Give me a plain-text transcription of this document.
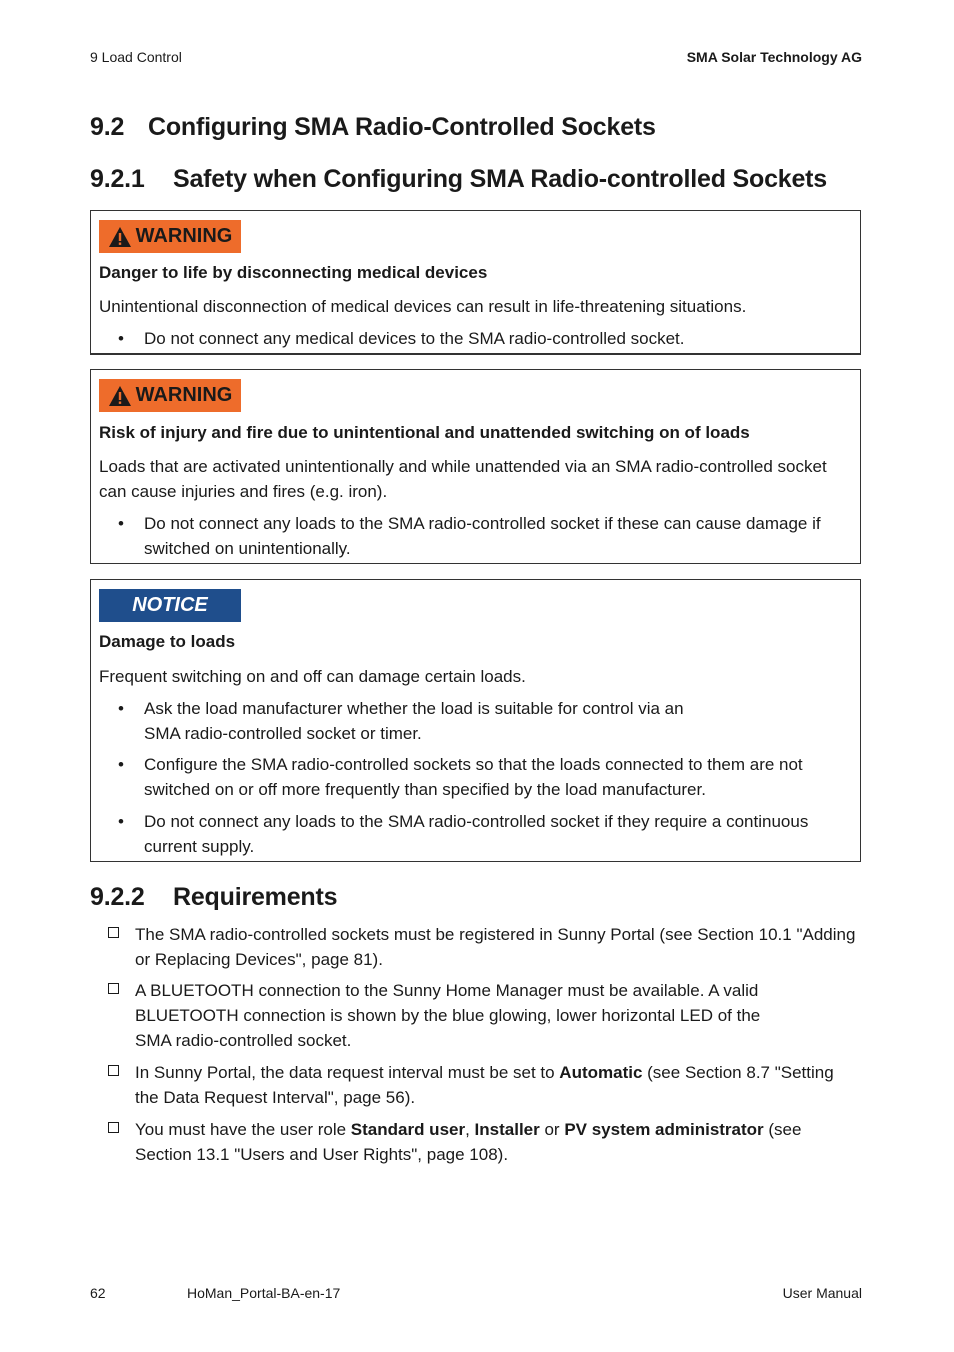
9 Load Control	SMA Solar Technology AG
9.2 Configuring SMA Radio-Controlled Sockets
9.2.1 Safety when Configuring SMA Radio-controlled Sockets
WARNING
Danger to life by disconnecting medical devices
Unintentional disconnection of medical devices can result in life-threatening situations.
• Do not connect any medical devices to the SMA radio-controlled socket.
WARNING
Risk of injury and fire due to unintentional and unattended switching on of loads
Loads that are activated unintentionally and while unattended via an SMA radio-controlled socket can cause injuries and fires (e.g. iron).
• Do not connect any loads to the SMA radio-controlled socket if these can cause damage if switched on unintentionally.
NOTICE
Damage to loads
Frequent switching on and off can damage certain loads.
• Ask the load manufacturer whether the load is suitable for control via an SMA radio-controlled socket or timer.
• Configure the SMA radio-controlled sockets so that the loads connected to them are not switched on or off more frequently than specified by the load manufacturer.
• Do not connect any loads to the SMA radio-controlled socket if they require a continuous current supply.
9.2.2 Requirements
The SMA radio-controlled sockets must be registered in Sunny Portal (see Section 10.1 "Adding or Replacing Devices", page 81).
A BLUETOOTH connection to the Sunny Home Manager must be available. A valid BLUETOOTH connection is shown by the blue glowing, lower horizontal LED of the SMA radio-controlled socket.
In Sunny Portal, the data request interval must be set to Automatic (see Section 8.7 "Setting the Data Request Interval", page 56).
You must have the user role Standard user, Installer or PV system administrator (see Section 13.1 "Users and User Rights", page 108).
62	HoMan_Portal-BA-en-17	User Manual
